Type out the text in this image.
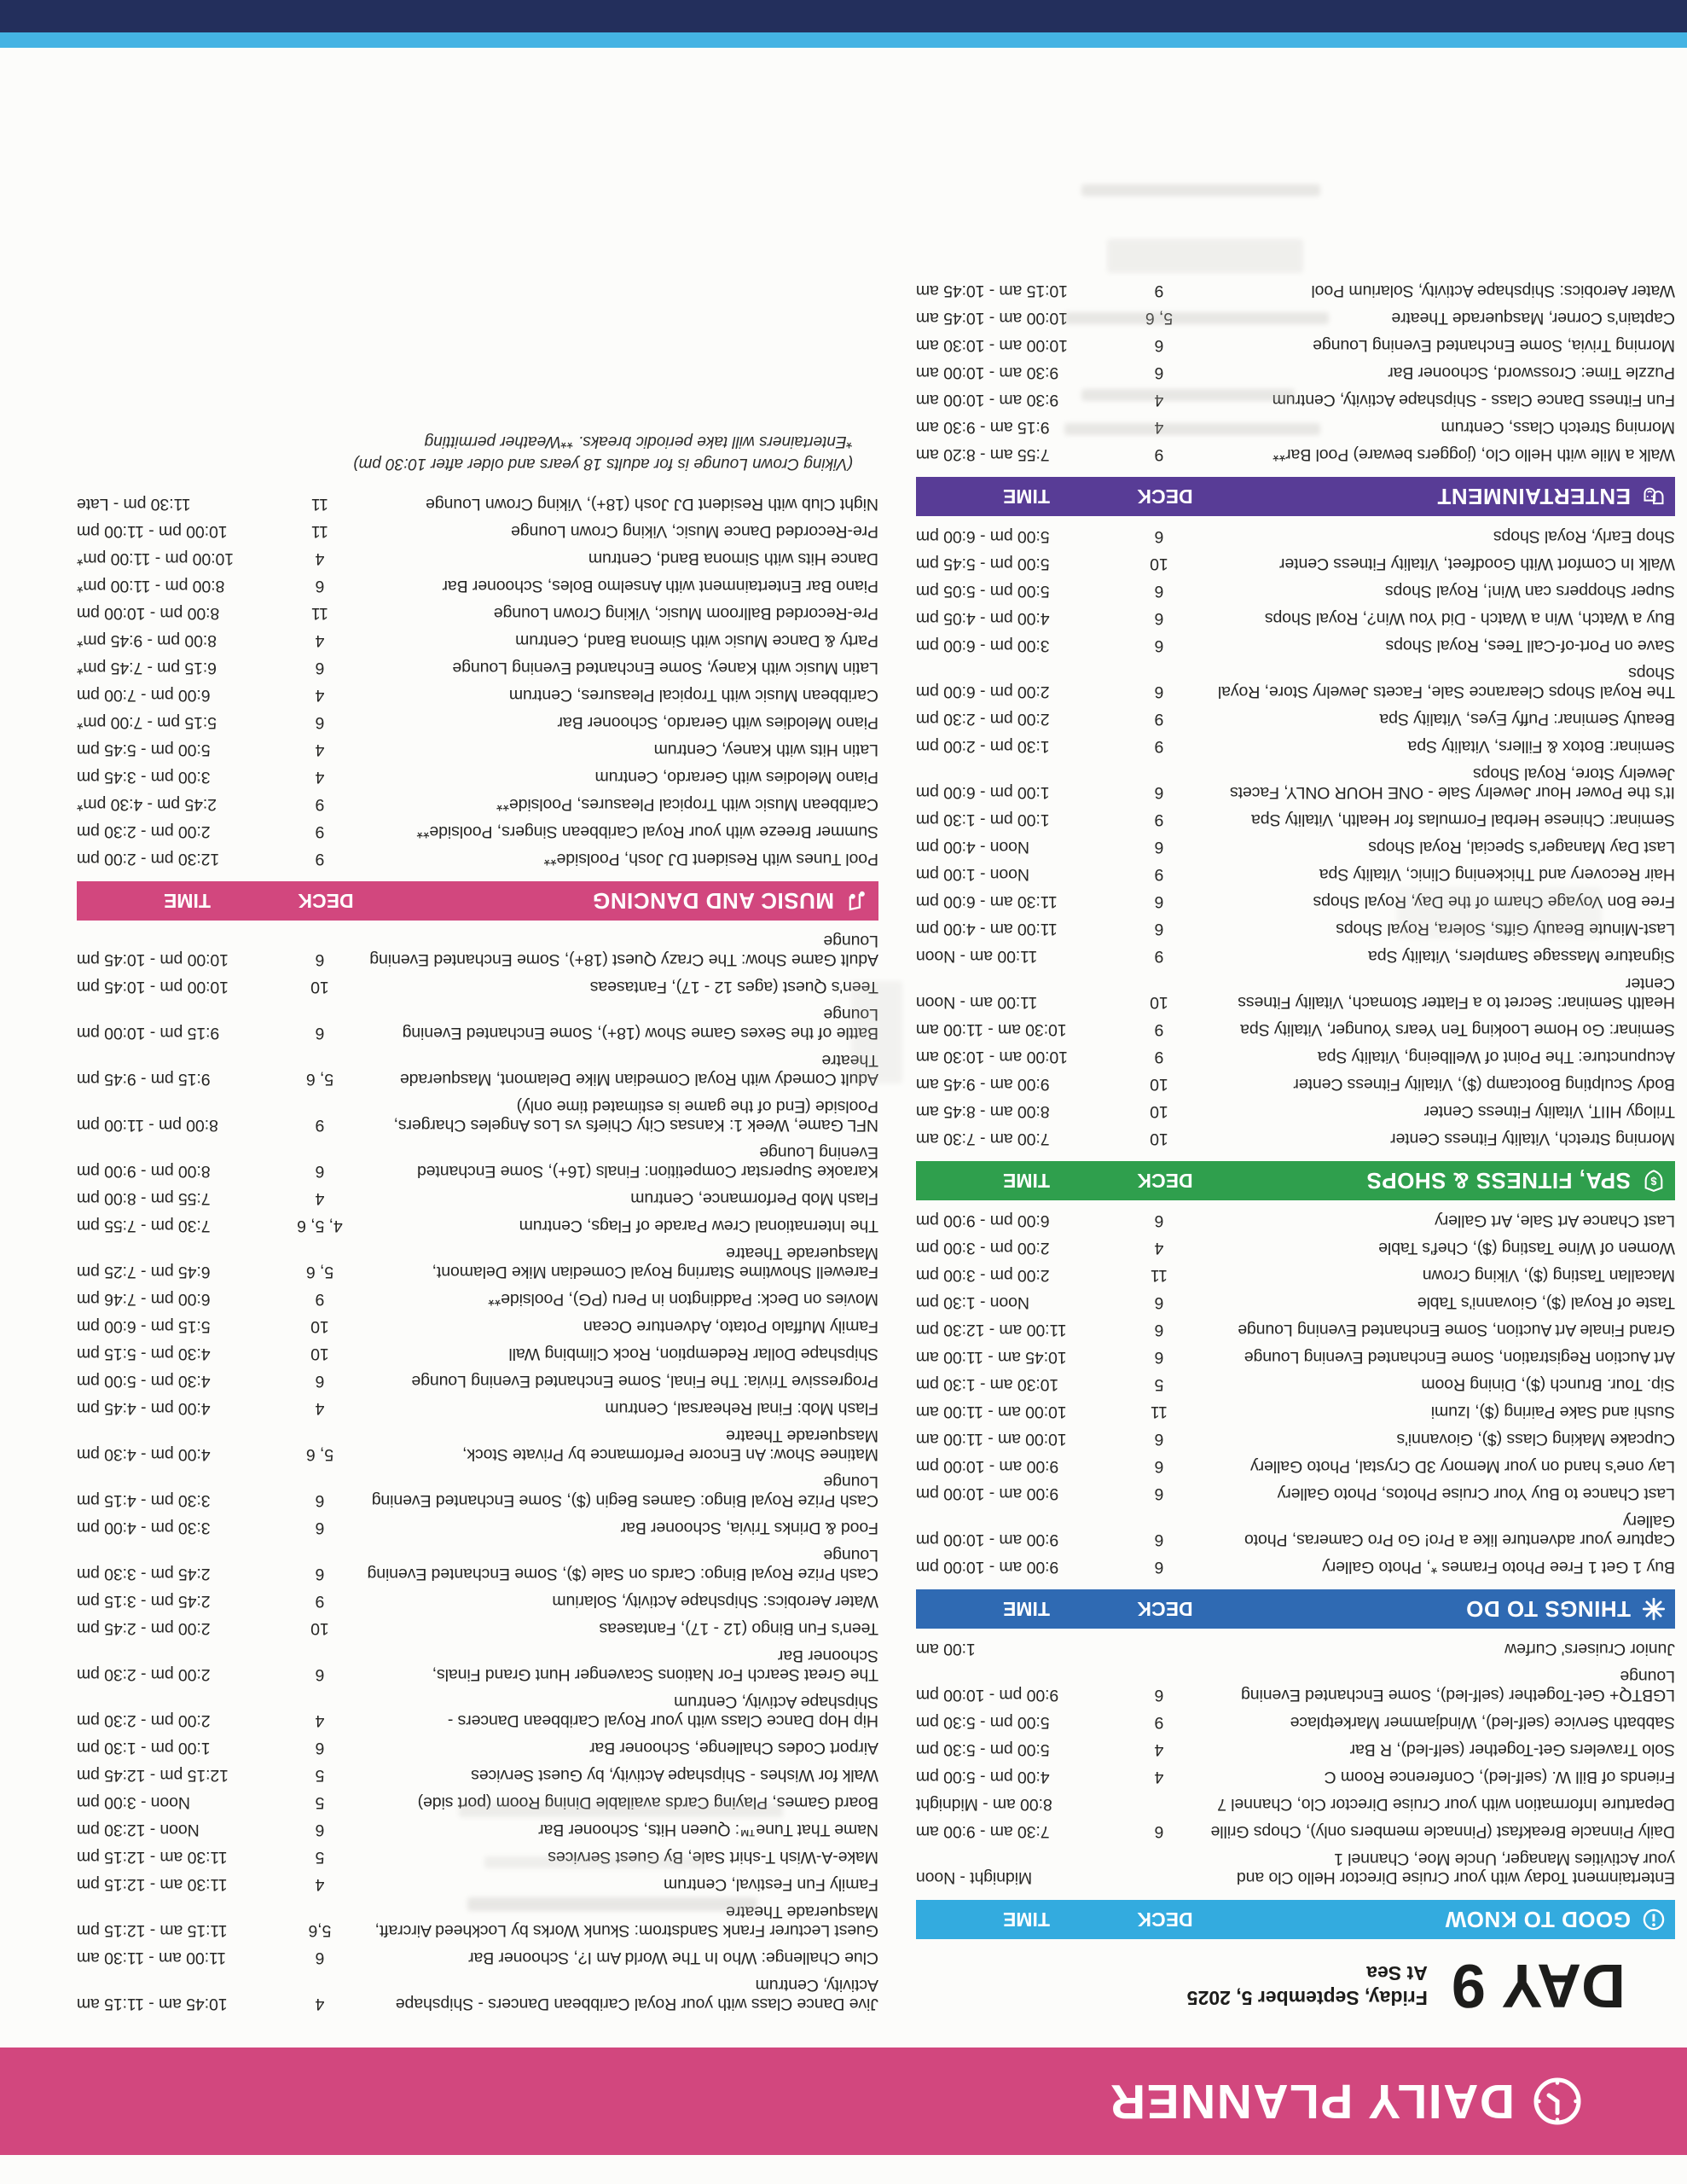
DAILY PLANNER
DAY 9
Friday, September 5, 2025
At Sea
GOOD TO KNOW
DECK
TIME
Entertainment Today with your Cruise Director Hello Clo and your Activities Manager, Uncle Moe, Channel 1
Midnight - Noon
Daily Pinnacle Breakfast (Pinnacle members only), Chops Grille
6
7:30 am - 9:00 am
Departure Information with your Cruise Director Clo, Channel 7
8:00 am - Midnight
Friends of Bill W. (self-led), Conference Room C
4
4:00 pm - 5:00 pm
Solo Travelers Get-Together (self-led), R Bar
4
5:00 pm - 5:30 pm
Sabbath Service (self-led), Windjammer Marketplace
9
5:00 pm - 5:30 pm
LGBTQ+ Get-Together (self-led), Some Enchanted Evening Lounge
6
9:00 pm - 10:00 pm
Junior Cruisers' Curfew
1:00 am
THINGS TO DO
DECK
TIME
Buy 1 Get 1 Free Photo Frames *, Photo Gallery
6
9:00 am - 10:00 pm
Capture your adventure like a Pro! Go Pro Cameras, Photo Gallery
6
9:00 am - 10:00 pm
Last Chance to Buy Your Cruise Photos, Photo Gallery
6
9:00 am - 10:00 pm
Lay one's hand on your Memory 3D Crystal, Photo Gallery
6
9:00 am - 10:00 pm
Cupcake Making Class ($), Giovanni's
6
10:00 am - 11:00 am
Sushi and Sake Pairing ($), Izumi
11
10:00 am - 11:00 am
Sip. Tour. Brunch ($), Dining Room
5
10:30 am - 1:30 pm
Art Auction Registration, Some Enchanted Evening Lounge
6
10:45 am - 11:00 am
Grand Finale Art Auction, Some Enchanted Evening Lounge
6
11:00 am - 12:30 pm
Taste of Royal ($), Giovanni's Table
6
Noon - 1:30 pm
Macallan Tasting ($), Viking Crown
11
2:00 pm - 3:00 pm
Women of Wine Tasting ($), Chef's Table
4
2:00 pm - 3:00 pm
Last Chance Art Sale, Art Gallery
6
6:00 pm - 9:00 pm
$
SPA, FITNESS & SHOPS
DECK
TIME
Morning Stretch, Vitality Fitness Center
10
7:00 am - 7:30 am
Trilogy HIIT, Vitality Fitness Center
10
8:00 am - 8:45 am
Body Sculpting Bootcamp ($), Vitality Fitness Center
10
9:00 am - 9:45 am
Acupuncture: The Point of Wellbeing, Vitality Spa
9
10:00 am - 10:30 am
Seminar: Go Home Looking Ten Years Younger, Vitality Spa
9
10:30 am - 11:00 am
Health Seminar: Secret to a Flatter Stomach, Vitality Fitness Center
10
11:00 am - Noon
Signature Massage Samplers, Vitality Spa
9
11:00 am - Noon
Last-Minute Beauty Gifts, Solera, Royal Shops
6
11:00 am - 4:00 pm
Free Bon Voyage Charm of the Day, Royal Shops
6
11:30 am - 6:00 pm
Hair Recovery and Thickening Clinic, Vitality Spa
9
Noon - 1:00 pm
Last Day Manager's Special, Royal Shops
6
Noon - 4:00 pm
Seminar: Chinese Herbal Formulas for Health, Vitality Spa
9
1:00 pm - 1:30 pm
It's the Power Hour Jewelry Sale - ONE HOUR ONLY, Facets Jewelry Store, Royal Shops
6
1:00 pm - 6:00 pm
Seminar: Botox & Fillers, Vitality Spa
9
1:30 pm - 2:00 pm
Beauty Seminar: Puffy Eyes, Vitality Spa
9
2:00 pm - 2:30 pm
The Royal Shops Clearance Sale, Facets Jewelry Store, Royal Shops
6
2:00 pm - 6:00 pm
Save on Port-of-Call Tees, Royal Shops
6
3:00 pm - 6:00 pm
Buy a Watch, Win a Watch - Did You Win?, Royal Shops
6
4:00 pm - 4:05 pm
Super Shoppers can Win!, Royal Shops
6
5:00 pm - 5:05 pm
Walk In Comfort With Goodfeet, Vitality Fitness Center
10
5:00 pm - 5:45 pm
Shop Early, Royal Shops
6
5:00 pm - 6:00 pm
ENTERTAINMENT
DECK
TIME
Walk a Mile with Hello Clo, (joggers beware) Pool Bar**
9
7:55 am - 8:20 am
Morning Stretch Class, Centrum
4
9:15 am - 9:30 am
Fun Fitness Dance Class - Shipshape Activity, Centrum
4
9:30 am - 10:00 am
Puzzle Time: Crossword, Schooner Bar
6
9:30 am - 10:00 am
Morning Trivia, Some Enchanted Evening Lounge
6
10:00 am - 10:30 am
Captain's Corner, Masquerade Theatre
5, 6
10:00 am - 10:45 am
Water Aerobics: Shipshape Activity, Solarium Pool
9
10:15 am - 10:45 am
Jive Dance Class with your Royal Caribbean Dancers - Shipshape Activity, Centrum
4
10:45 am - 11:15 am
Clue Challenge: Who In The World Am I?, Schooner Bar
6
11:00 am - 11:30 am
Guest Lecturer Frank Sandstrom: Skunk Works by Lockheed Aircraft, Masquerade Theatre
5,6
11:15 am - 12:15 pm
Family Fun Festival, Centrum
4
11:30 am - 12:15 pm
Make-A-Wish T-shirt Sale, By Guest Services
5
11:30 am - 12:15 pm
Name That Tune™: Queen Hits, Schooner Bar
6
Noon - 12:30 pm
Board Games, Playing Cards available Dining Room (port side)
5
Noon - 3:00 pm
Walk for Wishes - Shipshape Activity, by Guest Services
5
12:15 pm - 12:45 pm
Airport Codes Challenge, Schooner Bar
6
1:00 pm - 1:30 pm
Hip Hop Dance Class with your Royal Caribbean Dancers - Shipshape Activity, Centrum
4
2:00 pm - 2:30 pm
The Great Search For Nations Scavenger Hunt Grand Finals, Schooner Bar
6
2:00 pm - 2:30 pm
Teen's Fun Bingo (12 - 17), Fantaseas
10
2:00 pm - 2:45 pm
Water Aerobics: Shipshape Activity, Solarium
9
2:45 pm - 3:15 pm
Cash Prize Royal Bingo: Cards on Sale ($), Some Enchanted Evening Lounge
6
2:45 pm - 3:30 pm
Food & Drinks Trivia, Schooner Bar
6
3:30 pm - 4:00 pm
Cash Prize Royal Bingo: Games Begin ($), Some Enchanted Evening Lounge
6
3:30 pm - 4:15 pm
Matinee Show: An Encore Performance by Private Stock, Masquerade Theatre
5, 6
4:00 pm - 4:30 pm
Flash Mob: Final Rehearsal, Centrum
4
4:00 pm - 4:45 pm
Progressive Trivia: The Final, Some Enchanted Evening Lounge
6
4:30 pm - 5:00 pm
Shipshape Dollar Redemption, Rock Climbing Wall
10
4:30 pm - 5:15 pm
Family Muffalo Potato, Adventure Ocean
10
5:15 pm - 6:00 pm
Movies on Deck: Paddington in Peru (PG), Poolside**
9
6:00 pm - 7:46 pm
Farewell Showtime Starring Royal Comedian Mike Delamont, Masquerade Theatre
5, 6
6:45 pm - 7:25 pm
The International Crew Parade of Flags, Centrum
4, 5, 6
7:30 pm - 7:55 pm
Flash Mob Performance, Centrum
4
7:55 pm - 8:00 pm
Karaoke Superstar Competition: Finals (16+), Some Enchanted Evening Lounge
6
8:00 pm - 9:00 pm
NFL Game, Week 1: Kansas City Chiefs vs Los Angeles Chargers, Poolside (End of the game is estimated time only)
9
8:00 pm - 11:00 pm
Adult Comedy with Royal Comedian Mike Delamont, Masquerade Theatre
5, 6
9:15 pm - 9:45 pm
Battle of the Sexes Game Show (18+), Some Enchanted Evening Lounge
6
9:15 pm - 10:00 pm
Teen's Quest (ages 12 - 17), Fantaseas
10
10:00 pm - 10:45 pm
Adult Game Show: The Crazy Quest (18+), Some Enchanted Evening Lounge
6
10:00 pm - 10:45 pm
MUSIC AND DANCING
DECK
TIME
Pool Tunes with Resident DJ Josh, Poolside**
9
12:30 pm - 2:00 pm
Summer Breeze with your Royal Caribbean Singers, Poolside**
9
2:00 pm - 2:30 pm
Caribbean Music with Tropical Pleasures, Poolside**
9
2:45 pm - 4:30 pm*
Piano Melodies with Gerardo, Centrum
4
3:00 pm - 3:45 pm
Latin Hits with Kaney, Centrum
4
5:00 pm - 5:45 pm
Piano Melodies with Gerardo, Schooner Bar
6
5:15 pm - 7:00 pm*
Caribbean Music with Tropical Pleasures, Centrum
4
6:00 pm - 7:00 pm
Latin Music with Kaney, Some Enchanted Evening Lounge
6
6:15 pm - 7:45 pm*
Party & Dance Music with Simona Band, Centrum
4
8:00 pm - 9:45 pm*
Pre-Recorded Ballroom Music, Viking Crown Lounge
11
8:00 pm - 10:00 pm
Piano Bar Entertainment with Anselmo Boles, Schooner Bar
6
8:00 pm - 11:00 pm*
Dance Hits with Simona Band, Centrum
4
10:00 pm - 11:00 pm*
Pre-Recorded Dance Music, Viking Crown Lounge
11
10:00 pm - 11:00 pm
Night Club with Resident DJ Josh (18+), Viking Crown Lounge
11
11:30 pm - Late
(Viking Crown Lounge is for adults 18 years and older after 10:30 pm)
*Entertainers will take periodic breaks. **Weather permitting
